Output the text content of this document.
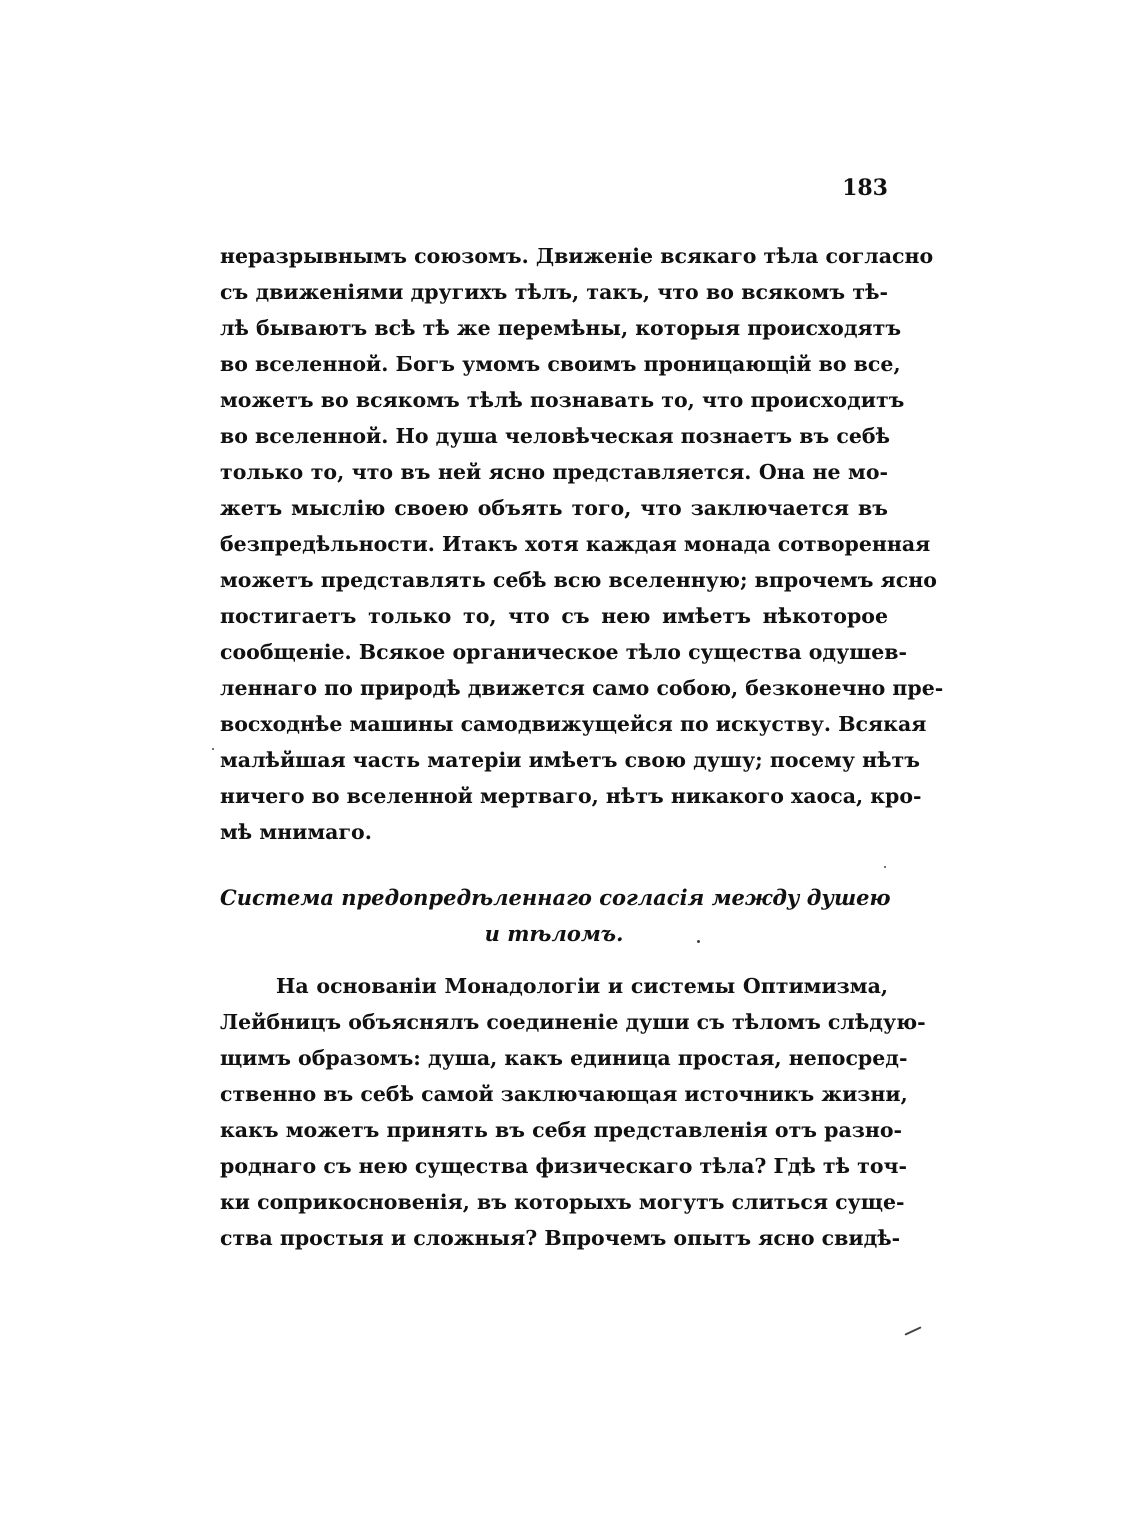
183
неразрывнымъ союзомъ. Движенie всякаго тѣла согласно
съ движенiями другихъ тѣлъ, такъ, что во всякомъ тѣ-
лѣ бываютъ всѣ тѣ же перемѣны, которыя происходятъ
во вселенной. Богъ умомъ своимъ проницающiй во все,
можетъ во всякомъ тѣлѣ познавать то, что происходитъ
во вселенной. Но душа человѣческая познаетъ въ себѣ
только то, что въ ней ясно представляется. Она не мо-
жетъ мыслiю своею объять того, что заключается въ
безпредѣльности. Итакъ хотя каждая монада сотворенная
можетъ представлять себѣ всю вселенную; впрочемъ ясно
постигаетъ только то, что съ нею имѣетъ нѣкоторое
сообщенie. Всякое органическое тѣло существа одушев-
леннаго по природѣ движется само собою, безконечно пре-
восходнѣе машины самодвижущейся по искуству. Всякая
малѣйшая часть матерiи имѣетъ свою душу; посему нѣтъ
ничего во вселенной мертваго, нѣтъ никакого хаоса, кро-
мѣ мнимаго.
Система предопредѣленнаго согласiя между душею
и тѣломъ.
На основанiи Монадологiи и системы Оптимизма,
Лейбницъ объяснялъ соединенie души съ тѣломъ слѣдую-
щимъ образомъ: душа, какъ единица простая, непосред-
ственно въ себѣ самой заключающая источникъ жизни,
какъ можетъ принять въ себя представленiя отъ разно-
роднаго съ нею существа физическаго тѣла? Гдѣ тѣ точ-
ки соприкосновенiя, въ которыхъ могутъ слиться суще-
ства простыя и сложныя? Впрочемъ опытъ ясно свидѣ-
